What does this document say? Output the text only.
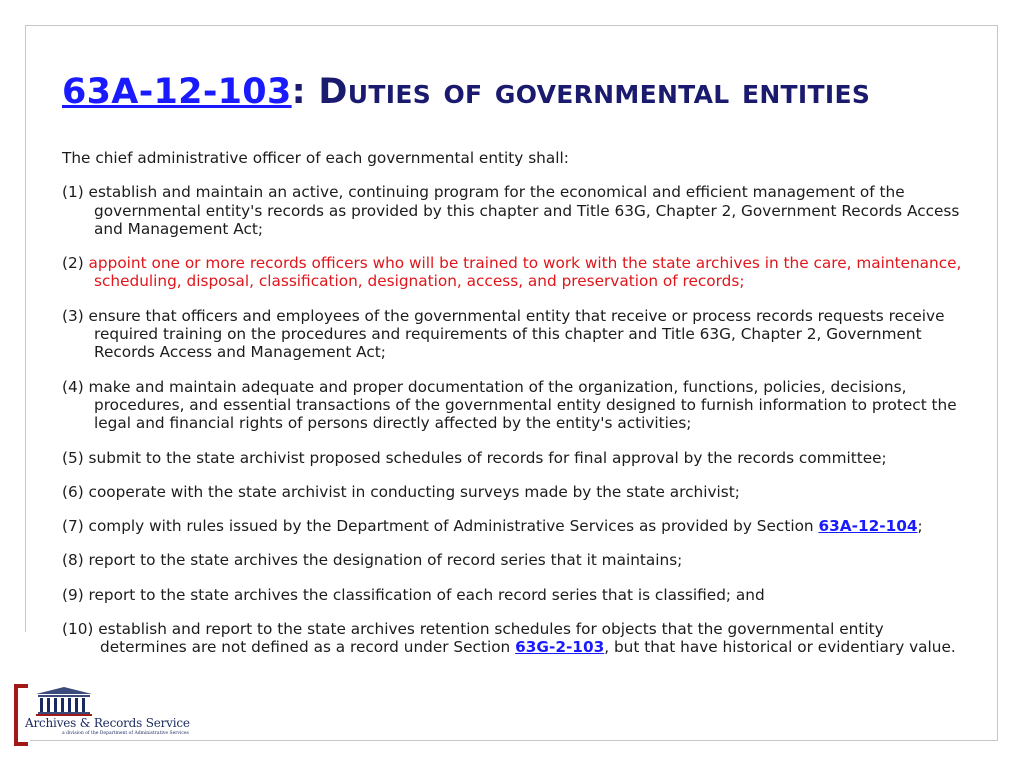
63A-12-103: Duties of governmental entities

The chief administrative officer of each governmental entity shall:

(1) establish and maintain an active, continuing program for the economical and efficient management of the governmental entity's records as provided by this chapter and Title 63G, Chapter 2, Government Records Access and Management Act;

(2) appoint one or more records officers who will be trained to work with the state archives in the care, maintenance, scheduling, disposal, classification, designation, access, and preservation of records;

(3) ensure that officers and employees of the governmental entity that receive or process records requests receive required training on the procedures and requirements of this chapter and Title 63G, Chapter 2, Government Records Access and Management Act;

(4) make and maintain adequate and proper documentation of the organization, functions, policies, decisions, procedures, and essential transactions of the governmental entity designed to furnish information to protect the legal and financial rights of persons directly affected by the entity's activities;

(5) submit to the state archivist proposed schedules of records for final approval by the records committee;

(6) cooperate with the state archivist in conducting surveys made by the state archivist;

(7) comply with rules issued by the Department of Administrative Services as provided by Section 63A-12-104;

(8) report to the state archives the designation of record series that it maintains;

(9) report to the state archives the classification of each record series that is classified; and

(10) establish and report to the state archives retention schedules for objects that the governmental entity determines are not defined as a record under Section 63G-2-103, but that have historical or evidentiary value.

Archives & Records Service
a division of the Department of Administrative Services
